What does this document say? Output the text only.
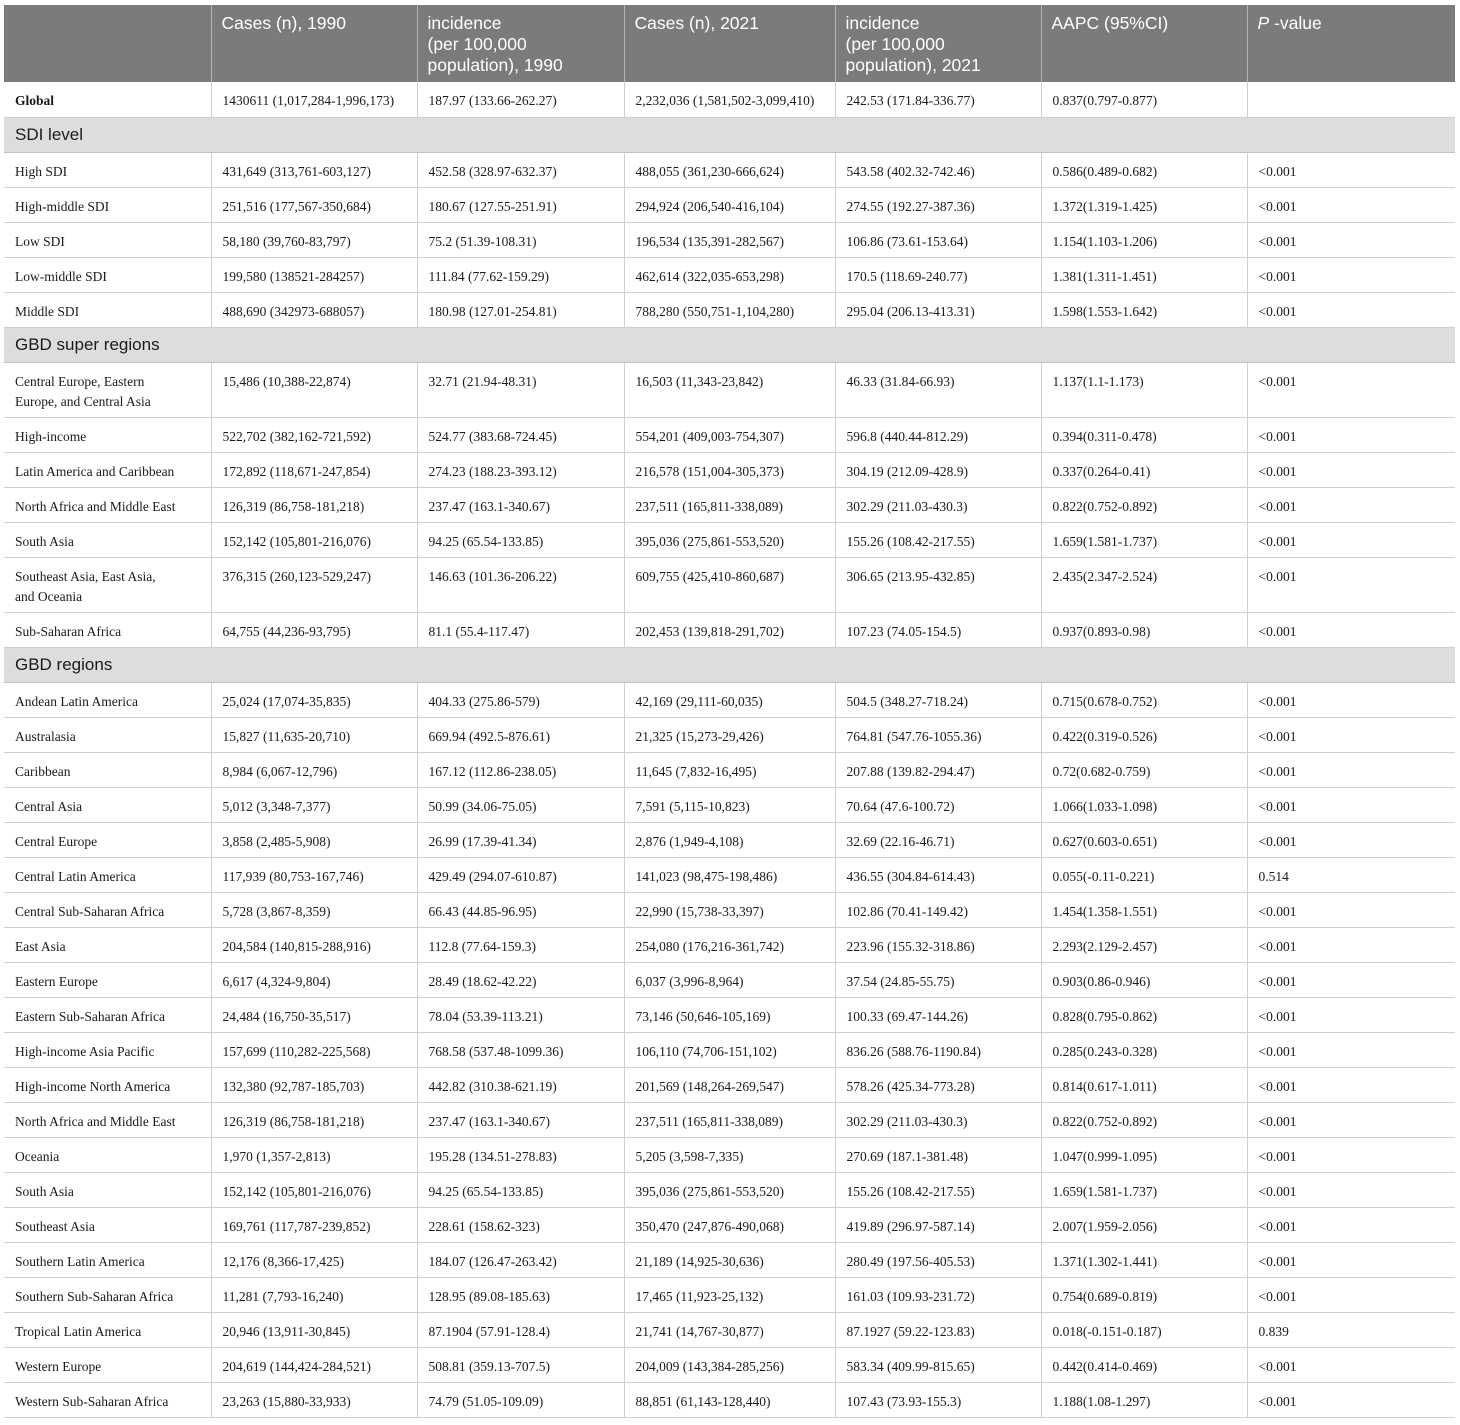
	Cases (n), 1990	incidence
(per 100,000
population), 1990	Cases (n), 2021	incidence
(per 100,000
population), 2021	AAPC (95%CI)	P -value
Global	1430611 (1,017,284-1,996,173)	187.97 (133.66-262.27)	2,232,036 (1,581,502-3,099,410)	242.53 (171.84-336.77)	0.837(0.797-0.877)	
SDI level						
High SDI	431,649 (313,761-603,127)	452.58 (328.97-632.37)	488,055 (361,230-666,624)	543.58 (402.32-742.46)	0.586(0.489-0.682)	<0.001
High-middle SDI	251,516 (177,567-350,684)	180.67 (127.55-251.91)	294,924 (206,540-416,104)	274.55 (192.27-387.36)	1.372(1.319-1.425)	<0.001
Low SDI	58,180 (39,760-83,797)	75.2 (51.39-108.31)	196,534 (135,391-282,567)	106.86 (73.61-153.64)	1.154(1.103-1.206)	<0.001
Low-middle SDI	199,580 (138521-284257)	111.84 (77.62-159.29)	462,614 (322,035-653,298)	170.5 (118.69-240.77)	1.381(1.311-1.451)	<0.001
Middle SDI	488,690 (342973-688057)	180.98 (127.01-254.81)	788,280 (550,751-1,104,280)	295.04 (206.13-413.31)	1.598(1.553-1.642)	<0.001
GBD super regions						
Central Europe, Eastern
Europe, and Central Asia	15,486 (10,388-22,874)	32.71 (21.94-48.31)	16,503 (11,343-23,842)	46.33 (31.84-66.93)	1.137(1.1-1.173)	<0.001
High-income	522,702 (382,162-721,592)	524.77 (383.68-724.45)	554,201 (409,003-754,307)	596.8 (440.44-812.29)	0.394(0.311-0.478)	<0.001
Latin America and Caribbean	172,892 (118,671-247,854)	274.23 (188.23-393.12)	216,578 (151,004-305,373)	304.19 (212.09-428.9)	0.337(0.264-0.41)	<0.001
North Africa and Middle East	126,319 (86,758-181,218)	237.47 (163.1-340.67)	237,511 (165,811-338,089)	302.29 (211.03-430.3)	0.822(0.752-0.892)	<0.001
South Asia	152,142 (105,801-216,076)	94.25 (65.54-133.85)	395,036 (275,861-553,520)	155.26 (108.42-217.55)	1.659(1.581-1.737)	<0.001
Southeast Asia, East Asia,
and Oceania	376,315 (260,123-529,247)	146.63 (101.36-206.22)	609,755 (425,410-860,687)	306.65 (213.95-432.85)	2.435(2.347-2.524)	<0.001
Sub-Saharan Africa	64,755 (44,236-93,795)	81.1 (55.4-117.47)	202,453 (139,818-291,702)	107.23 (74.05-154.5)	0.937(0.893-0.98)	<0.001
GBD regions						
Andean Latin America	25,024 (17,074-35,835)	404.33 (275.86-579)	42,169 (29,111-60,035)	504.5 (348.27-718.24)	0.715(0.678-0.752)	<0.001
Australasia	15,827 (11,635-20,710)	669.94 (492.5-876.61)	21,325 (15,273-29,426)	764.81 (547.76-1055.36)	0.422(0.319-0.526)	<0.001
Caribbean	8,984 (6,067-12,796)	167.12 (112.86-238.05)	11,645 (7,832-16,495)	207.88 (139.82-294.47)	0.72(0.682-0.759)	<0.001
Central Asia	5,012 (3,348-7,377)	50.99 (34.06-75.05)	7,591 (5,115-10,823)	70.64 (47.6-100.72)	1.066(1.033-1.098)	<0.001
Central Europe	3,858 (2,485-5,908)	26.99 (17.39-41.34)	2,876 (1,949-4,108)	32.69 (22.16-46.71)	0.627(0.603-0.651)	<0.001
Central Latin America	117,939 (80,753-167,746)	429.49 (294.07-610.87)	141,023 (98,475-198,486)	436.55 (304.84-614.43)	0.055(-0.11-0.221)	0.514
Central Sub-Saharan Africa	5,728 (3,867-8,359)	66.43 (44.85-96.95)	22,990 (15,738-33,397)	102.86 (70.41-149.42)	1.454(1.358-1.551)	<0.001
East Asia	204,584 (140,815-288,916)	112.8 (77.64-159.3)	254,080 (176,216-361,742)	223.96 (155.32-318.86)	2.293(2.129-2.457)	<0.001
Eastern Europe	6,617 (4,324-9,804)	28.49 (18.62-42.22)	6,037 (3,996-8,964)	37.54 (24.85-55.75)	0.903(0.86-0.946)	<0.001
Eastern Sub-Saharan Africa	24,484 (16,750-35,517)	78.04 (53.39-113.21)	73,146 (50,646-105,169)	100.33 (69.47-144.26)	0.828(0.795-0.862)	<0.001
High-income Asia Pacific	157,699 (110,282-225,568)	768.58 (537.48-1099.36)	106,110 (74,706-151,102)	836.26 (588.76-1190.84)	0.285(0.243-0.328)	<0.001
High-income North America	132,380 (92,787-185,703)	442.82 (310.38-621.19)	201,569 (148,264-269,547)	578.26 (425.34-773.28)	0.814(0.617-1.011)	<0.001
North Africa and Middle East	126,319 (86,758-181,218)	237.47 (163.1-340.67)	237,511 (165,811-338,089)	302.29 (211.03-430.3)	0.822(0.752-0.892)	<0.001
Oceania	1,970 (1,357-2,813)	195.28 (134.51-278.83)	5,205 (3,598-7,335)	270.69 (187.1-381.48)	1.047(0.999-1.095)	<0.001
South Asia	152,142 (105,801-216,076)	94.25 (65.54-133.85)	395,036 (275,861-553,520)	155.26 (108.42-217.55)	1.659(1.581-1.737)	<0.001
Southeast Asia	169,761 (117,787-239,852)	228.61 (158.62-323)	350,470 (247,876-490,068)	419.89 (296.97-587.14)	2.007(1.959-2.056)	<0.001
Southern Latin America	12,176 (8,366-17,425)	184.07 (126.47-263.42)	21,189 (14,925-30,636)	280.49 (197.56-405.53)	1.371(1.302-1.441)	<0.001
Southern Sub-Saharan Africa	11,281 (7,793-16,240)	128.95 (89.08-185.63)	17,465 (11,923-25,132)	161.03 (109.93-231.72)	0.754(0.689-0.819)	<0.001
Tropical Latin America	20,946 (13,911-30,845)	87.1904 (57.91-128.4)	21,741 (14,767-30,877)	87.1927 (59.22-123.83)	0.018(-0.151-0.187)	0.839
Western Europe	204,619 (144,424-284,521)	508.81 (359.13-707.5)	204,009 (143,384-285,256)	583.34 (409.99-815.65)	0.442(0.414-0.469)	<0.001
Western Sub-Saharan Africa	23,263 (15,880-33,933)	74.79 (51.05-109.09)	88,851 (61,143-128,440)	107.43 (73.93-155.3)	1.188(1.08-1.297)	<0.001
